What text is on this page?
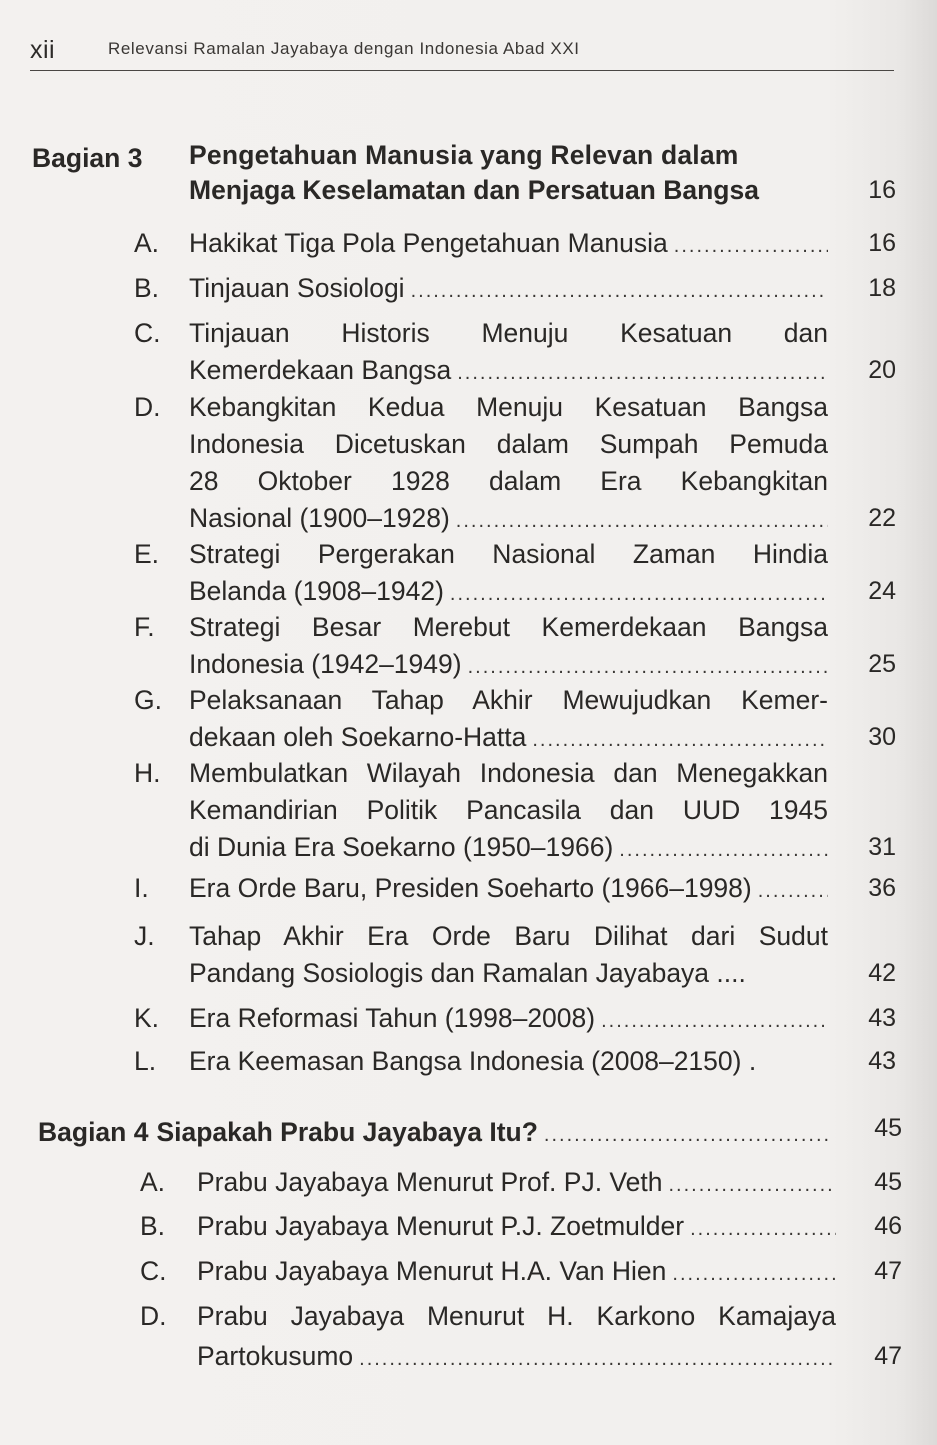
xii	Relevansi Ramalan Jayabaya dengan Indonesia Abad XXI
Bagian 3 Pengetahuan Manusia yang Relevan dalam
Menjaga Keselamatan dan Persatuan Bangsa	16
A. Hakikat Tiga Pola Pengetahuan Manusia .....	16
B. Tinjauan Sosiologi .....	18
C. Tinjauan Historis Menuju Kesatuan dan
Kemerdekaan Bangsa .....	20
D. Kebangkitan Kedua Menuju Kesatuan Bangsa
Indonesia Dicetuskan dalam Sumpah Pemuda
28 Oktober 1928 dalam Era Kebangkitan
Nasional (1900–1928) .....	22
E. Strategi Pergerakan Nasional Zaman Hindia
Belanda (1908–1942) .....	24
F. Strategi Besar Merebut Kemerdekaan Bangsa
Indonesia (1942–1949) .....	25
G. Pelaksanaan Tahap Akhir Mewujudkan Kemer-
dekaan oleh Soekarno-Hatta .....	30
H. Membulatkan Wilayah Indonesia dan Menegakkan
Kemandirian Politik Pancasila dan UUD 1945
di Dunia Era Soekarno (1950–1966) .....	31
I. Era Orde Baru, Presiden Soeharto (1966–1998) .....	36
J. Tahap Akhir Era Orde Baru Dilihat dari Sudut
Pandang Sosiologis dan Ramalan Jayabaya ....	42
K. Era Reformasi Tahun (1998–2008) .....	43
L. Era Keemasan Bangsa Indonesia (2008–2150) .	43
Bagian 4 Siapakah Prabu Jayabaya Itu? .....	45
A. Prabu Jayabaya Menurut Prof. PJ. Veth .....	45
B. Prabu Jayabaya Menurut P.J. Zoetmulder .....	46
C. Prabu Jayabaya Menurut H.A. Van Hien .....	47
D. Prabu Jayabaya Menurut H. Karkono Kamajaya
Partokusumo .....	47
